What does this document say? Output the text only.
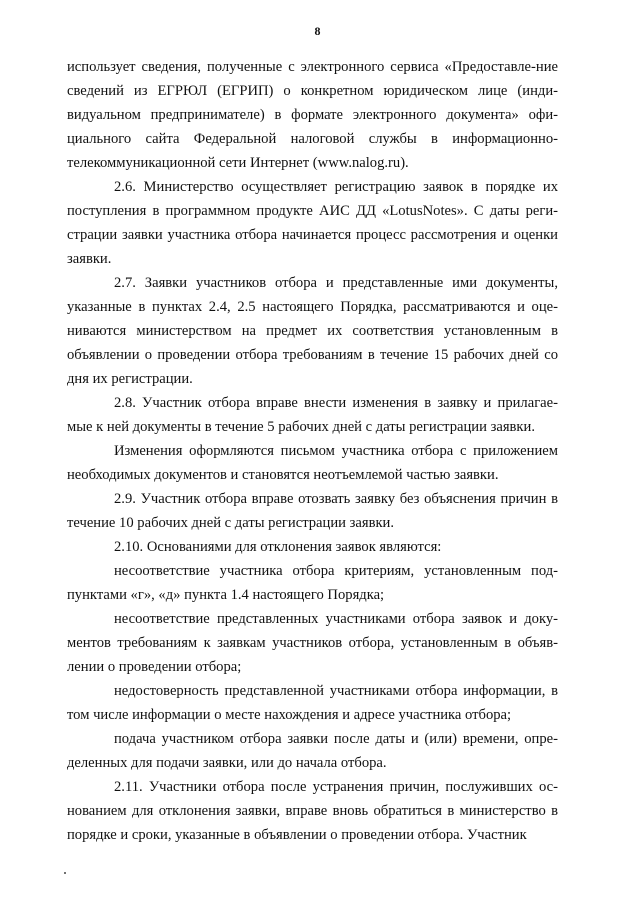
8

использует сведения, полученные с электронного сервиса «Предоставле-ние сведений из ЕГРЮЛ (ЕГРИП) о конкретном юридическом лице (инди-видуальном предпринимателе) в формате электронного документа» офи-циального сайта Федеральной налоговой службы в информационно-телекоммуникационной сети Интернет (www.nalog.ru).

2.6. Министерство осуществляет регистрацию заявок в порядке их поступления в программном продукте АИС ДД «LotusNotes». С даты реги-страции заявки участника отбора начинается процесс рассмотрения и оценки заявки.

2.7. Заявки участников отбора и представленные ими документы, указанные в пунктах 2.4, 2.5 настоящего Порядка, рассматриваются и оце-ниваются министерством на предмет их соответствия установленным в объявлении о проведении отбора требованиям в течение 15 рабочих дней со дня их регистрации.

2.8. Участник отбора вправе внести изменения в заявку и прилагае-мые к ней документы в течение 5 рабочих дней с даты регистрации заявки.

Изменения оформляются письмом участника отбора с приложением необходимых документов и становятся неотъемлемой частью заявки.

2.9. Участник отбора вправе отозвать заявку без объяснения причин в течение 10 рабочих дней с даты регистрации заявки.

2.10. Основаниями для отклонения заявок являются:

несоответствие участника отбора критериям, установленным под-пунктами «г», «д» пункта 1.4 настоящего Порядка;

несоответствие представленных участниками отбора заявок и доку-ментов требованиям к заявкам участников отбора, установленным в объяв-лении о проведении отбора;

недостоверность представленной участниками отбора информации, в том числе информации о месте нахождения и адресе участника отбора;

подача участником отбора заявки после даты и (или) времени, опре-деленных для подачи заявки, или до начала отбора.

2.11. Участники отбора после устранения причин, послуживших ос-нованием для отклонения заявки, вправе вновь обратиться в министерство в порядке и сроки, указанные в объявлении о проведении отбора. Участник
